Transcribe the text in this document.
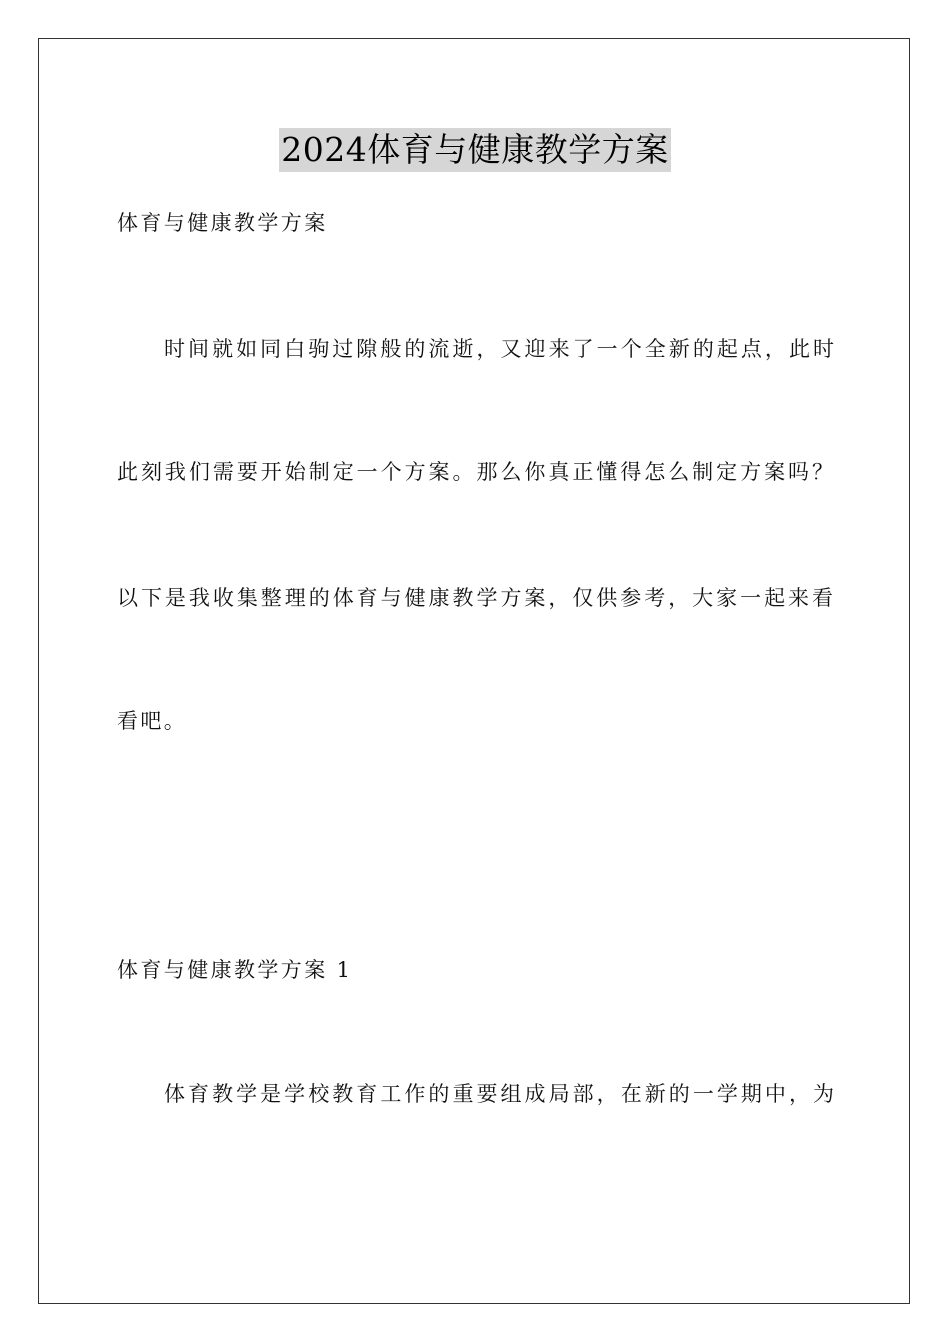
2024体育与健康教学方案
体育与健康教学方案
时间就如同白驹过隙般的流逝，又迎来了一个全新的起点，此时
此刻我们需要开始制定一个方案。那么你真正懂得怎么制定方案吗？
以下是我收集整理的体育与健康教学方案，仅供参考，大家一起来看
看吧。
体育与健康教学方案 1
体育教学是学校教育工作的重要组成局部，在新的一学期中，为
